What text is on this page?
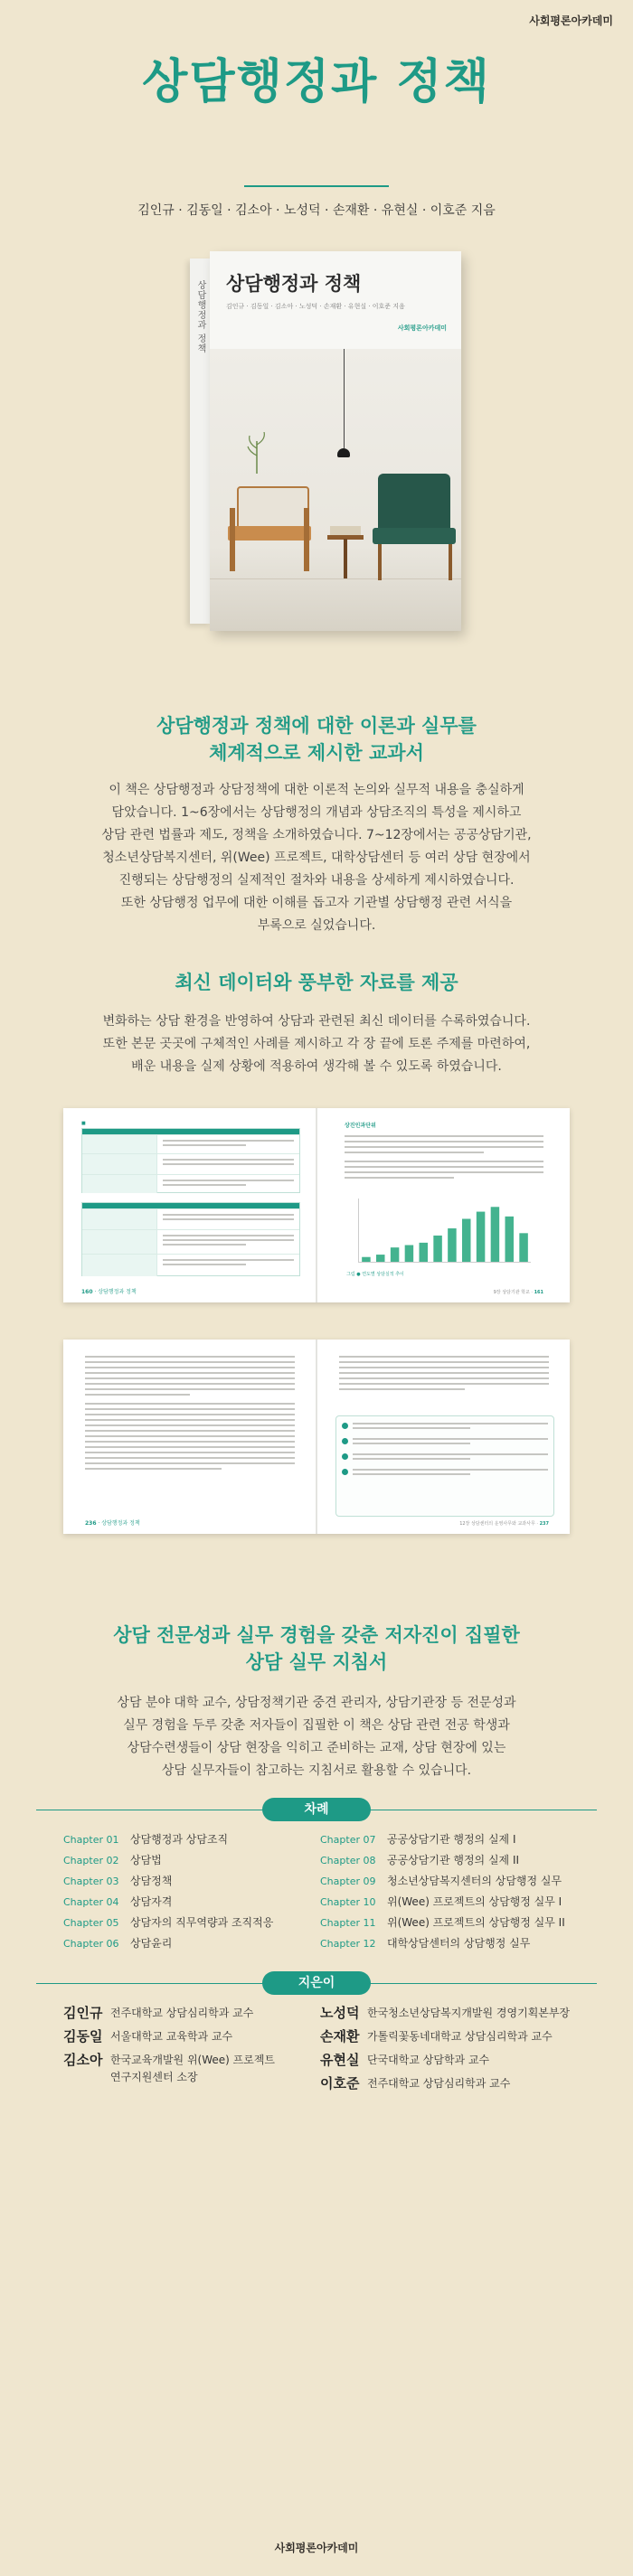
사회평론아카데미
상담행정과 정책
김인규 · 김동일 · 김소아 · 노성덕 · 손재환 · 유현실 · 이호준 지음
상담행정과 정책 상담행정과 정책
김인규 · 김동일 · 김소아 · 노성덕 · 손재환 · 유현실 · 이호준 지음
사회평론아카데미
상담행정과 정책에 대한 이론과 실무를
체계적으로 제시한 교과서
이 책은 상담행정과 상담정책에 대한 이론적 논의와 실무적 내용을 충실하게
담았습니다. 1~6장에서는 상담행정의 개념과 상담조직의 특성을 제시하고
상담 관련 법률과 제도, 정책을 소개하였습니다. 7~12장에서는 공공상담기관,
청소년상담복지센터, 위(Wee) 프로젝트, 대학상담센터 등 여러 상담 현장에서
진행되는 상담행정의 실제적인 절차와 내용을 상세하게 제시하였습니다.
또한 상담행정 업무에 대한 이해를 돕고자 기관별 상담행정 관련 서식을
부록으로 실었습니다.
최신 데이터와 풍부한 자료를 제공
변화하는 상담 환경을 반영하여 상담과 관련된 최신 데이터를 수록하였습니다.
또한 본문 곳곳에 구체적인 사례를 제시하고 각 장 끝에 토론 주제를 마련하여,
배운 내용을 실제 상황에 적용하여 생각해 볼 수 있도록 하였습니다.
■
160 · 상담행정과 정책
상진인과단위
그림 ● 연도별 상담실적 추이
9장 상담기관 학교 · 161
236 · 상담행정과 정책	12장 상담센터의 운영사무와 교과사무 · 237
상담 전문성과 실무 경험을 갖춘 저자진이 집필한
상담 실무 지침서
상담 분야 대학 교수, 상담정책기관 중견 관리자, 상담기관장 등 전문성과
실무 경험을 두루 갖춘 저자들이 집필한 이 책은 상담 관련 전공 학생과
상담수련생들이 상담 현장을 익히고 준비하는 교재, 상담 현장에 있는
상담 실무자들이 참고하는 지침서로 활용할 수 있습니다.
차례
Chapter 01 상담행정과 상담조직
Chapter 02 상담법
Chapter 03 상담정책
Chapter 04 상담자격
Chapter 05 상담자의 직무역량과 조직적응
Chapter 06 상담윤리
Chapter 07 공공상담기관 행정의 실제 I
Chapter 08 공공상담기관 행정의 실제 II
Chapter 09 청소년상담복지센터의 상담행정 실무
Chapter 10 위(Wee) 프로젝트의 상담행정 실무 I
Chapter 11 위(Wee) 프로젝트의 상담행정 실무 II
Chapter 12 대학상담센터의 상담행정 실무
지은이
김인규 전주대학교 상담심리학과 교수
김동일 서울대학교 교육학과 교수
김소아 한국교육개발원 위(Wee) 프로젝트
연구지원센터 소장
노성덕 한국청소년상담복지개발원 경영기획본부장
손재환 가톨릭꽃동네대학교 상담심리학과 교수
유현실 단국대학교 상담학과 교수
이호준 전주대학교 상담심리학과 교수
사회평론아카데미
